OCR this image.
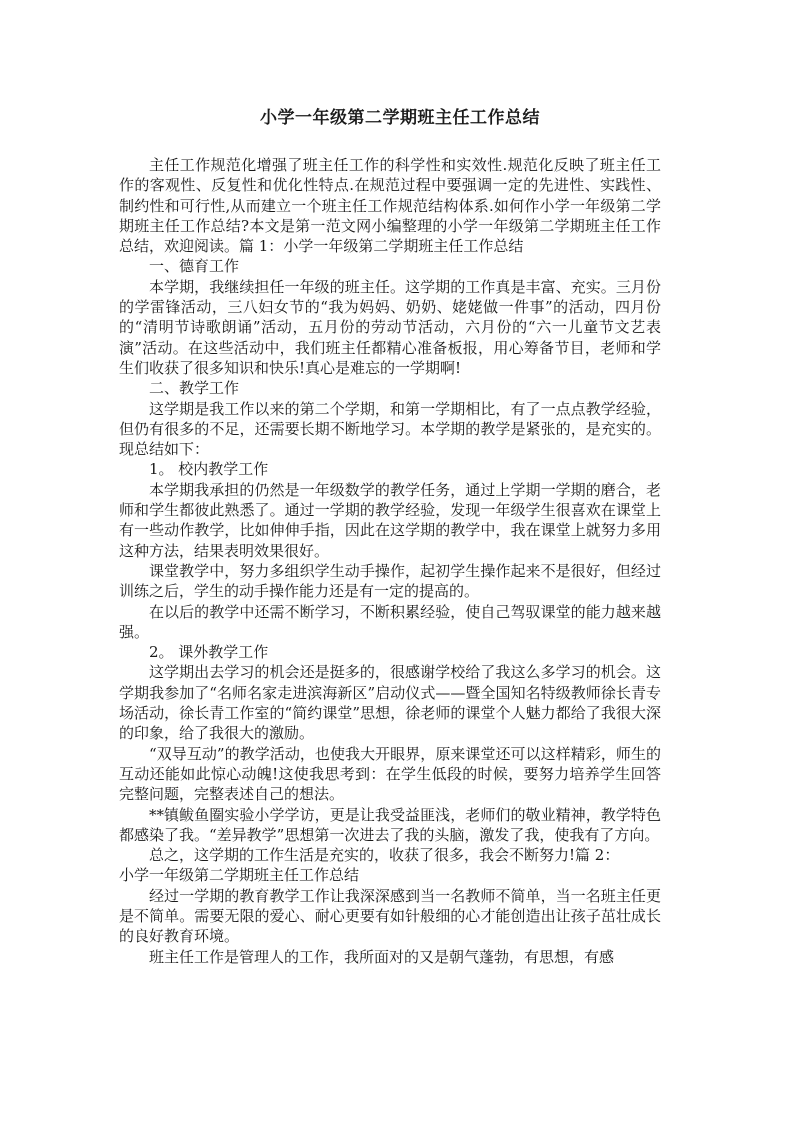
小学一年级第二学期班主任工作总结

主任工作规范化增强了班主任工作的科学性和实效性.规范化反映了班主任工作的客观性、反复性和优化性特点.在规范过程中要强调一定的先进性、实践性、制约性和可行性,从而建立一个班主任工作规范结构体系.如何作小学一年级第二学期班主任工作总结?本文是第一范文网小编整理的小学一年级第二学期班主任工作总结，欢迎阅读。篇 1：小学一年级第二学期班主任工作总结

一、德育工作

本学期，我继续担任一年级的班主任。这学期的工作真是丰富、充实。三月份的学雷锋活动，三八妇女节的“我为妈妈、奶奶、姥姥做一件事”的活动，四月份的“清明节诗歌朗诵”活动，五月份的劳动节活动，六月份的“六一儿童节文艺表演”活动。在这些活动中，我们班主任都精心准备板报，用心筹备节目，老师和学生们收获了很多知识和快乐!真心是难忘的一学期啊!

二、教学工作

这学期是我工作以来的第二个学期，和第一学期相比，有了一点点教学经验，但仍有很多的不足，还需要长期不断地学习。本学期的教学是紧张的，是充实的。现总结如下：

1。 校内教学工作

本学期我承担的仍然是一年级数学的教学任务，通过上学期一学期的磨合，老师和学生都彼此熟悉了。通过一学期的教学经验，发现一年级学生很喜欢在课堂上有一些动作教学，比如伸伸手指，因此在这学期的教学中，我在课堂上就努力多用这种方法，结果表明效果很好。

课堂教学中，努力多组织学生动手操作，起初学生操作起来不是很好，但经过训练之后，学生的动手操作能力还是有一定的提高的。

在以后的教学中还需不断学习，不断积累经验，使自己驾驭课堂的能力越来越强。

2。 课外教学工作

这学期出去学习的机会还是挺多的，很感谢学校给了我这么多学习的机会。这学期我参加了“名师名家走进滨海新区”启动仪式——暨全国知名特级教师徐长青专场活动，徐长青工作室的“简约课堂”思想，徐老师的课堂个人魅力都给了我很大深的印象，给了我很大的激励。

“双导互动”的教学活动，也使我大开眼界，原来课堂还可以这样精彩，师生的互动还能如此惊心动魄!这使我思考到：在学生低段的时候，要努力培养学生回答完整问题，完整表述自己的想法。

**镇鲅鱼圈实验小学学访，更是让我受益匪浅，老师们的敬业精神，教学特色都感染了我。“差异教学”思想第一次进去了我的头脑，激发了我，使我有了方向。

总之，这学期的工作生活是充实的，收获了很多，我会不断努力!篇 2：

小学一年级第二学期班主任工作总结

经过一学期的教育教学工作让我深深感到当一名教师不简单，当一名班主任更是不简单。需要无限的爱心、耐心更要有如针般细的心才能创造出让孩子茁壮成长的良好教育环境。

班主任工作是管理人的工作，我所面对的又是朝气蓬勃，有思想，有感
